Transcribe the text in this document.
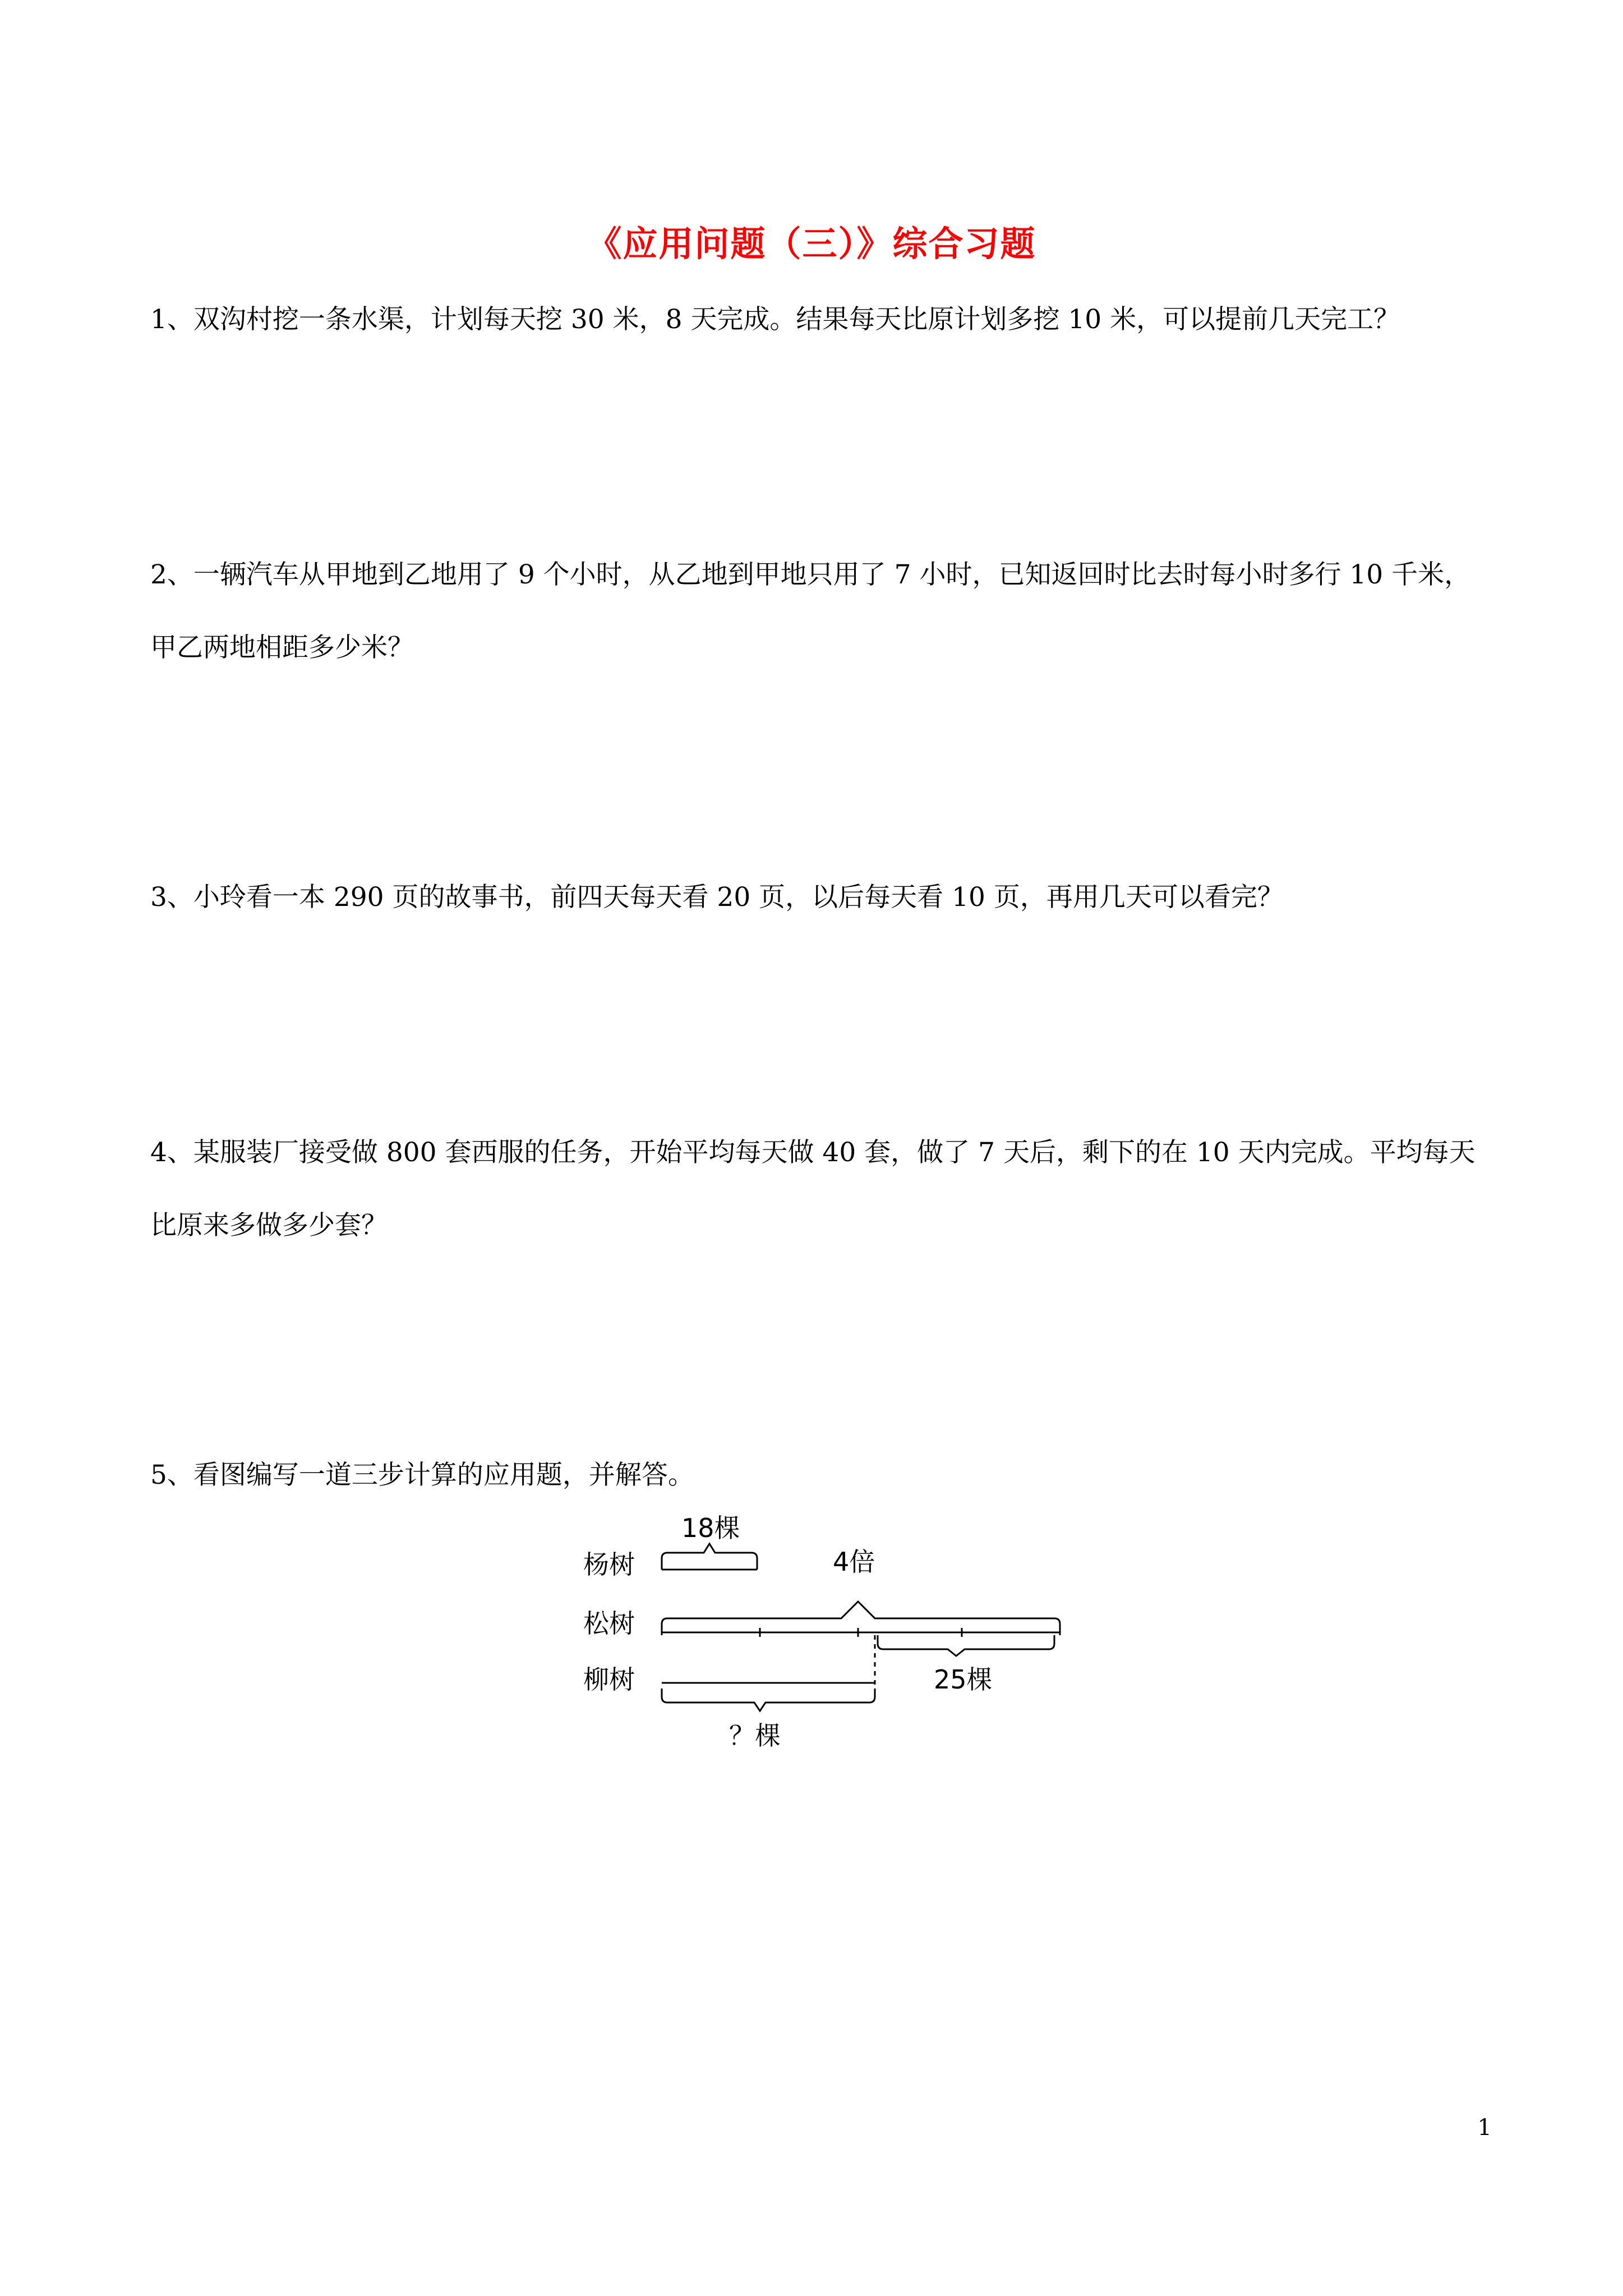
《应用问题（三）》综合习题
1、双沟村挖一条水渠，计划每天挖 30 米，8 天完成。结果每天比原计划多挖 10 米，可以提前几天完工？
2、一辆汽车从甲地到乙地用了 9 个小时，从乙地到甲地只用了 7 小时，已知返回时比去时每小时多行 10 千米，甲乙两地相距多少米？
3、小玲看一本 290 页的故事书，前四天每天看 20 页，以后每天看 10 页，再用几天可以看完？
4、某服装厂接受做 800 套西服的任务，开始平均每天做 40 套，做了 7 天后，剩下的在 10 天内完成。平均每天比原来多做多少套？
5、看图编写一道三步计算的应用题，并解答。
杨树
松树
柳树
18棵
4倍
25棵
？棵
1
